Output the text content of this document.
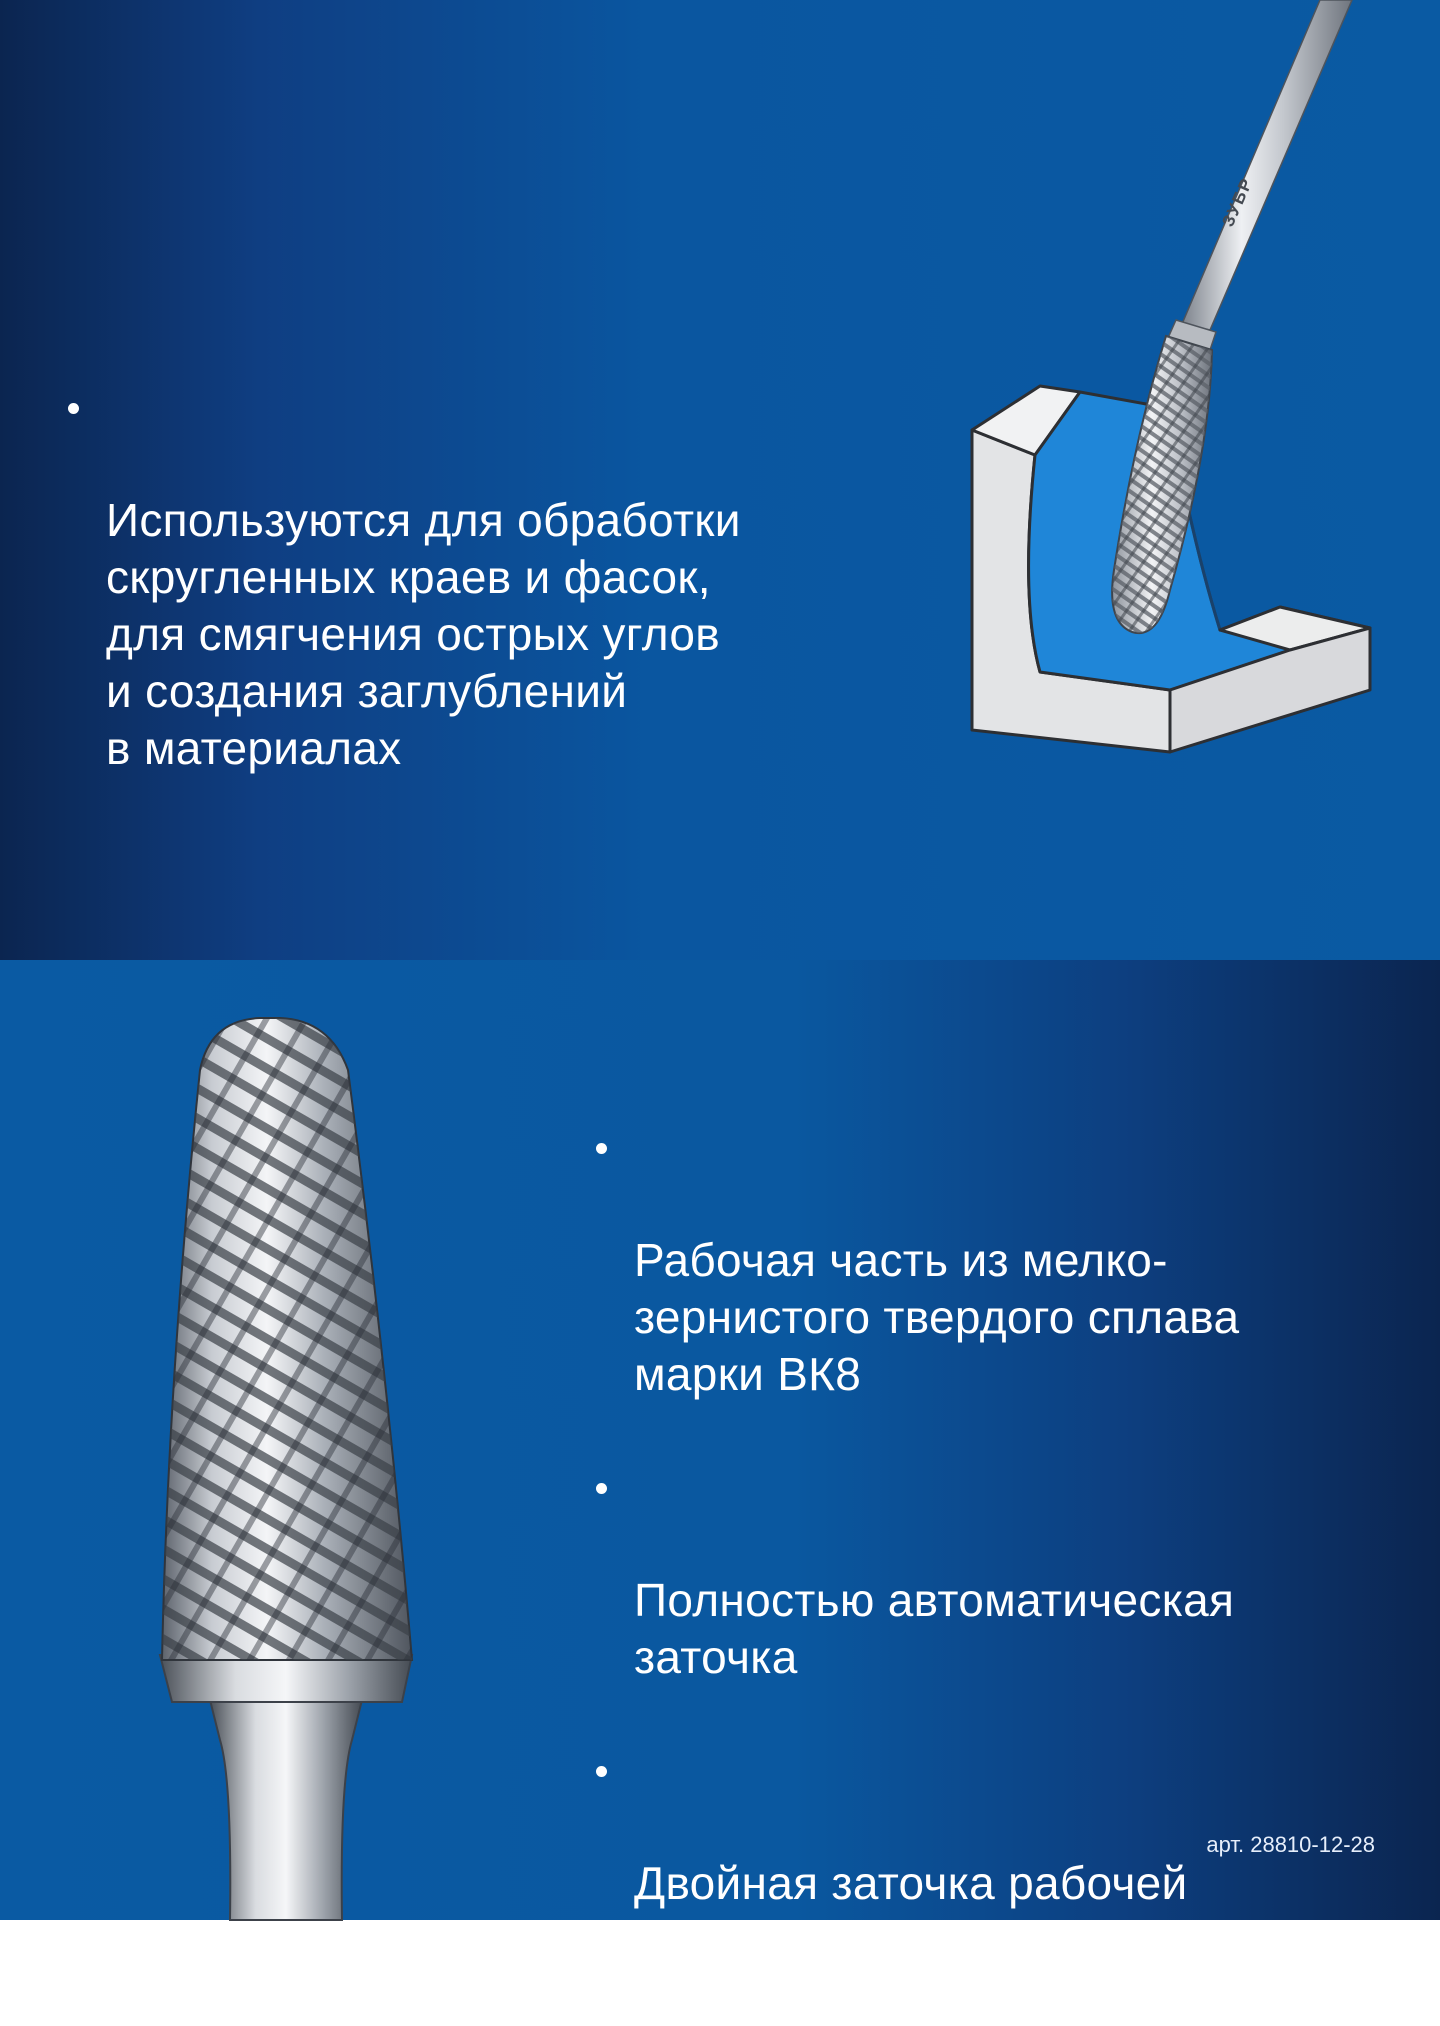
Используются для обработки
скругленных краев и фасок,
для смягчения острых углов
и создания заглублений
в материалах

ЗУБР

Рабочая часть из мелко-
зернистого твердого сплава
марки ВК8

Полностью автоматическая
заточка

Двойная заточка рабочей
части подходит для
большинства материалов

арт. 28810-12-28
